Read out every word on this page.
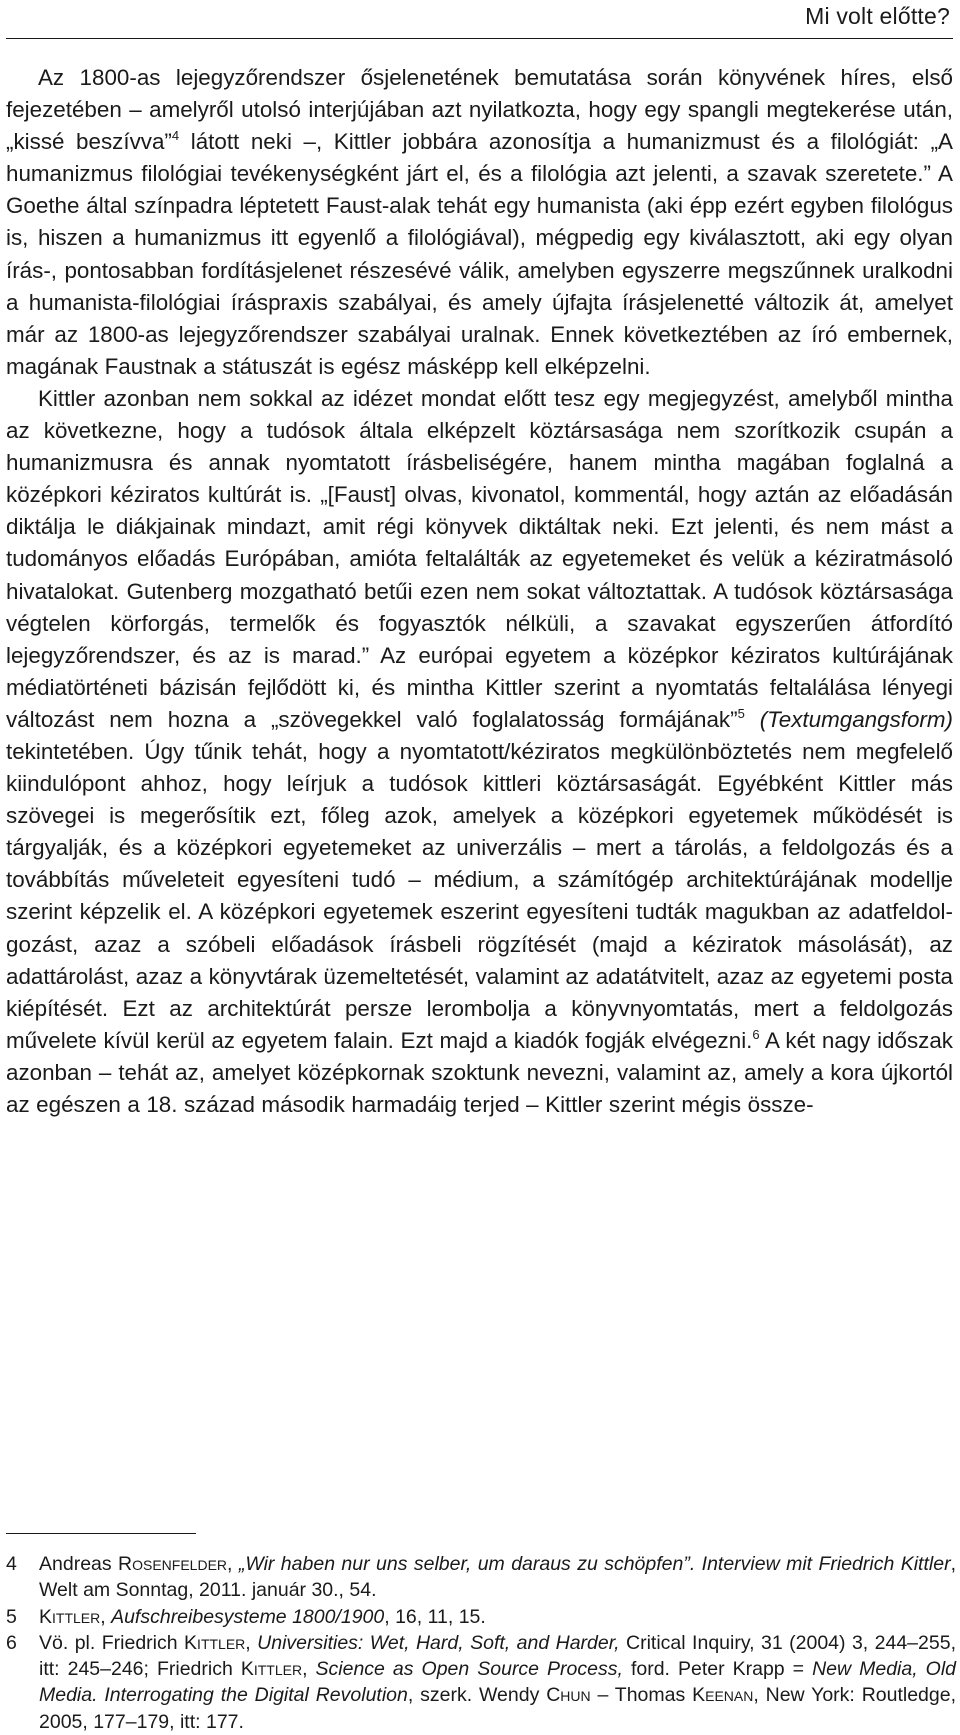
Mi volt előtte?

Az 1800-as lejegyzőrendszer ősjelenetének bemutatása során könyvének híres, első fejezetében – amelyről utolsó interjújában azt nyilatkozta, hogy egy spangli megtekerése után, „kissé beszívva”$^4$ látott neki –, Kittler jobbára azonosítja a humanizmust és a filológiát: „A humanizmus filológiai tevékenységként járt el, és a filológia azt jelenti, a szavak szeretete.” A Goethe által színpadra léptetett Faust-alak tehát egy humanista (aki épp ezért egyben filológus is, hiszen a humanizmus itt egyenlő a filológiával), mégpedig egy kiválasztott, aki egy olyan írás-, pontosabban fordításjelenet részesévé válik, amelyben egyszerre megszűnnek uralkodni a humanista-filológiai íráspraxis szabályai, és amely újfajta írásjelenetté változik át, amelyet már az 1800-as lejegyzőrendszer szabályai uralnak. Ennek következtében az író embernek, magának Faustnak a státuszát is egész másképp kell elképzelni.

Kittler azonban nem sokkal az idézet mondat előtt tesz egy megjegyzést, amelyből mintha az következne, hogy a tudósok általa elképzelt köztársasága nem szorítkozik csupán a humanizmusra és annak nyomtatott írásbeliségére, hanem mintha magában foglalná a középkori kéziratos kultúrát is. „[Faust] olvas, kivonatol, kommentál, hogy aztán az előadásán diktálja le diákjainak mindazt, amit régi könyvek diktáltak neki. Ezt jelenti, és nem mást a tudományos előadás Európában, amióta feltalálták az egyetemeket és velük a kéziratmásoló hivatalokat. Gutenberg mozgatható betűi ezen nem sokat változtattak. A tudósok köztársasága végtelen körforgás, termelők és fogyasztók nélküli, a szavakat egyszerűen átfordító lejegyzőrendszer, és az is marad.” Az európai egyetem a középkor kéziratos kultúrájának médiatörténeti bázisán fejlődött ki, és mintha Kittler szerint a nyomtatás feltalálása lényegi változást nem hozna a „szövegekkel való foglalatosság formájának”$^5$ (Textumgangsform) tekintetében. Úgy tűnik tehát, hogy a nyomtatott/kéziratos megkülönböztetés nem megfelelő kiindulópont ahhoz, hogy leírjuk a tudósok kittleri köztársaságát. Egyébként Kittler más szövegei is megerősítik ezt, főleg azok, amelyek a középkori egyetemek működését is tárgyalják, és a középkori egyetemeket az univerzális – mert a tárolás, a feldolgozás és a továbbítás műveleteit egyesíteni tudó – médium, a számítógép architektúrájának modellje szerint képzelik el. A középkori egyetemek eszerint egyesíteni tudták magukban az adatfeldolgozást, azaz a szóbeli előadások írásbeli rögzítését (majd a kéziratok másolását), az adattárolást, azaz a könyvtárak üzemeltetését, valamint az adatátvitelt, azaz az egyetemi posta kiépítését. Ezt az architektúrát persze lerombolja a könyvnyomtatás, mert a feldolgozás művelete kívül kerül az egyetem falain. Ezt majd a kiadók fogják elvégezni.$^6$ A két nagy időszak azonban – tehát az, amelyet középkornak szoktunk nevezni, valamint az, amely a kora újkortól az egészen a 18. század második harmadáig terjed – Kittler szerint mégis össze-

4	Andreas Rosenfelder, „Wir haben nur uns selber, um daraus zu schöpfen”. Interview mit Friedrich Kittler, Welt am Sonntag, 2011. január 30., 54.
5	Kittler, Aufschreibesysteme 1800/1900, 16, 11, 15.
6	Vö. pl. Friedrich Kittler, Universities: Wet, Hard, Soft, and Harder, Critical Inquiry, 31 (2004) 3, 244–255, itt: 245–246; Friedrich Kittler, Science as Open Source Process, ford. Peter Krapp = New Media, Old Media. Interrogating the Digital Revolution, szerk. Wendy Chun – Thomas Keenan, New York: Routledge, 2005, 177–179, itt: 177.
